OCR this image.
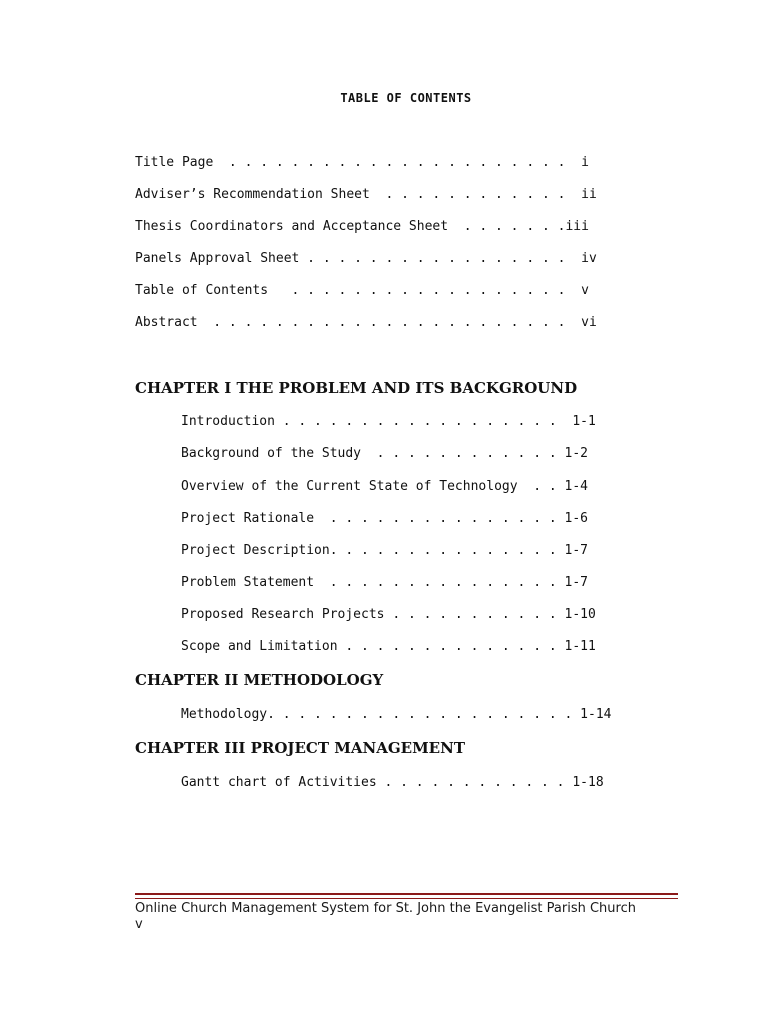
TABLE OF CONTENTS
Title Page  . . . . . . . . . . . . . . . . . . . . . .  i
Adviser’s Recommendation Sheet  . . . . . . . . . . . .  ii
Thesis Coordinators and Acceptance Sheet  . . . . . . .iii
Panels Approval Sheet . . . . . . . . . . . . . . . . .  iv
Table of Contents   . . . . . . . . . . . . . . . . . .  v
Abstract  . . . . . . . . . . . . . . . . . . . . . . .  vi
CHAPTER I THE PROBLEM AND ITS BACKGROUND
Introduction . . . . . . . . . . . . . . . . . .  1-1
Background of the Study  . . . . . . . . . . . . 1-2
Overview of the Current State of Technology  . . 1-4
Project Rationale  . . . . . . . . . . . . . . . 1-6
Project Description. . . . . . . . . . . . . . . 1-7
Problem Statement  . . . . . . . . . . . . . . . 1-7
Proposed Research Projects . . . . . . . . . . . 1-10
Scope and Limitation . . . . . . . . . . . . . . 1-11
CHAPTER II METHODOLOGY
Methodology. . . . . . . . . . . . . . . . . . . . 1-14
CHAPTER III PROJECT MANAGEMENT
Gantt chart of Activities . . . . . . . . . . . . 1-18
Online Church Management System for St. John the Evangelist Parish Church
v
